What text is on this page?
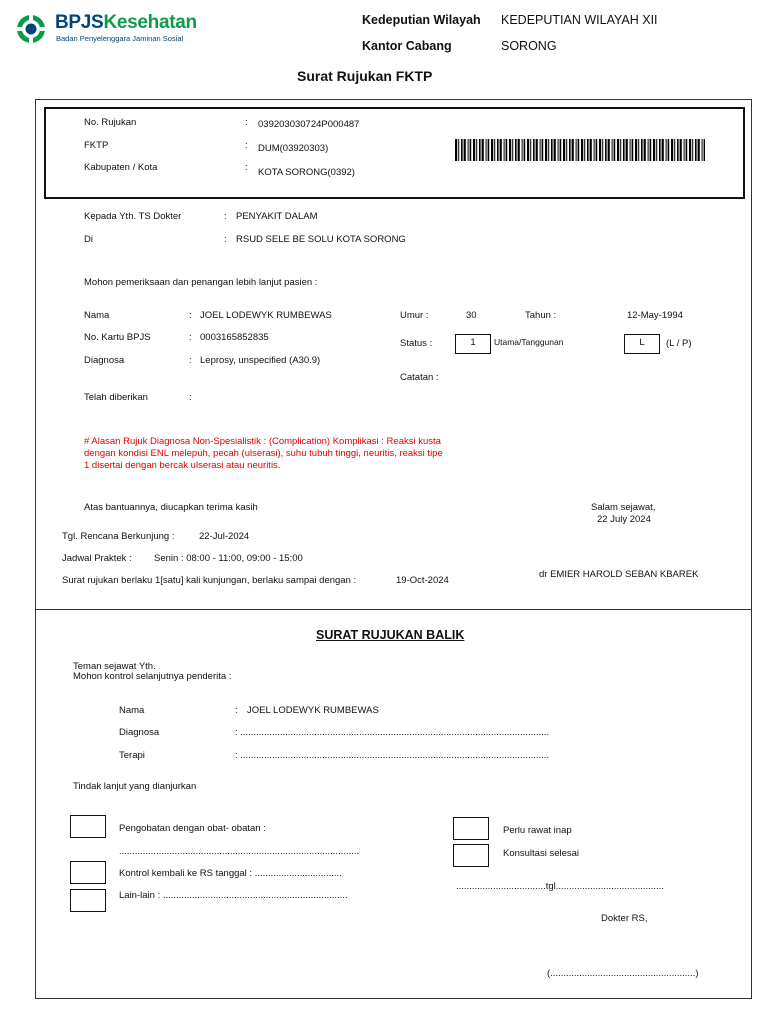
BPJSKesehatan
Badan Penyelenggara Jaminan Sosial
Kedeputian Wilayah KEDEPUTIAN WILAYAH XII
Kantor Cabang	SORONG
Surat Rujukan FKTP
No. Rujukan	: 039203030724P000487
FKTP	: DUM(03920303)
Kabupaten / Kota	: KOTA SORONG(0392)
Kepada Yth. TS Dokter	: PENYAKIT DALAM
Di	: RSUD SELE BE SOLU KOTA SORONG
Mohon pemeriksaan dan penangan lebih lanjut pasien :
Nama	: JOEL LODEWYK RUMBEWAS
No. Kartu BPJS	: 0003165852835
Diagnosa	: Leprosy, unspecified (A30.9)
Telah diberikan	:
Umur :	30	Tahun :	12-May-1994
Status :	1	Utama/Tanggunan	L	(L / P)
Catatan :
# Alasan Rujuk Diagnosa Non-Spesialistik : (Complication) Komplikasi : Reaksi kusta
dengan kondisi ENL melepuh, pecah (ulserasi), suhu tubuh tinggi, neuritis, reaksi tipe
1 disertai dengan bercak ulserasi atau neuritis.
Atas bantuannya, diucapkan terima kasih	Salam sejawat,
22 July 2024
Tgl. Rencana Berkunjung :	22-Jul-2024
Jadwal Praktek : Senin : 08:00 - 11:00, 09:00 - 15:00
Surat rujukan berlaku 1[satu] kali kunjungan, berlaku sampai dengan :	19-Oct-2024
dr EMIER HAROLD SEBAN KBAREK
SURAT RUJUKAN BALIK
Teman sejawat Yth.
Mohon kontrol selanjutnya penderita :
Nama	: JOEL LODEWYK RUMBEWAS
Diagnosa	: .....................................................................................................................
Terapi	: .....................................................................................................................
Tindak lanjut yang dianjurkan
Pengobatan dengan obat- obatan :
...........................................................................................
Kontrol kembali ke RS tanggal : .................................
Lain-lain : ......................................................................
Perlu rawat inap
Konsultasi selesai
..................................tgl.........................................
Dokter RS,
(.......................................................)
